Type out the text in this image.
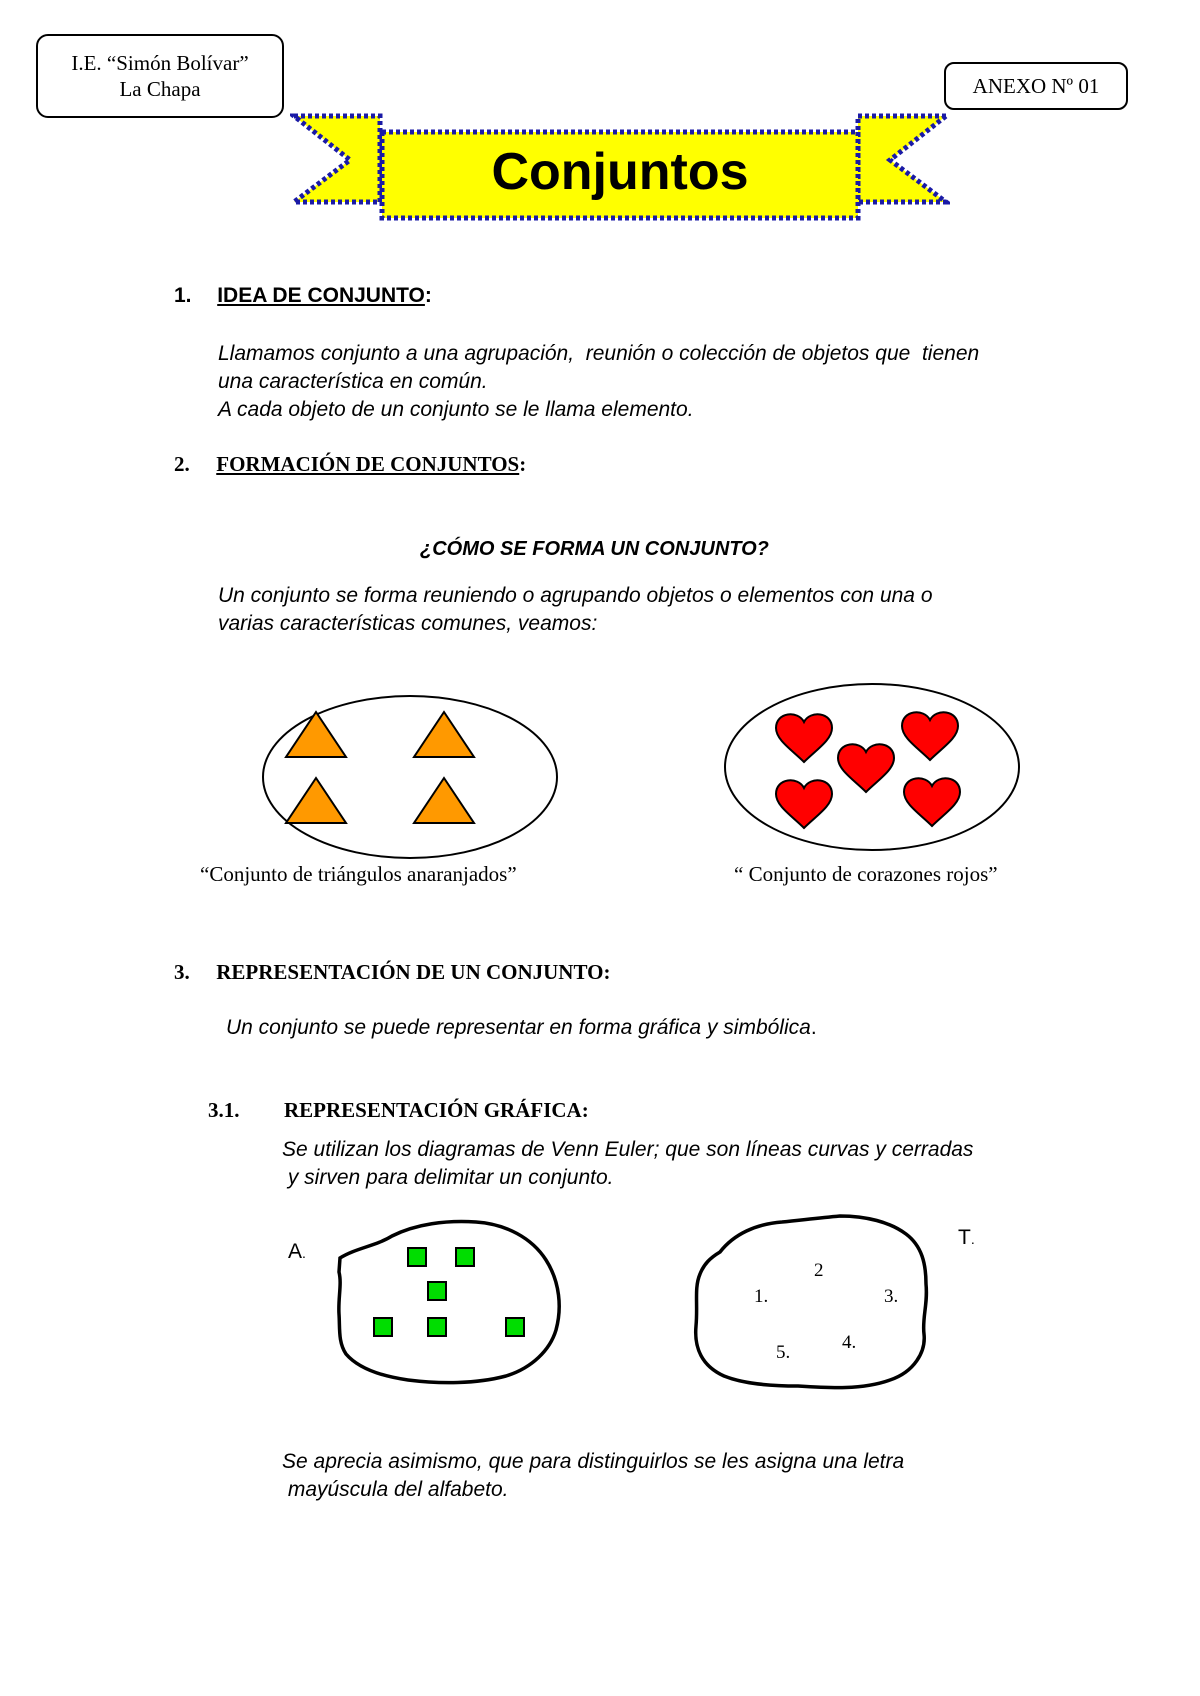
I.E. “Simón Bolívar”
La Chapa	ANEXO Nº 01
Conjuntos
1. IDEA DE CONJUNTO:
Llamamos conjunto a una agrupación,  reunión o colección de objetos que  tienen
una característica en común.
A cada objeto de un conjunto se le llama elemento.
2. FORMACIÓN DE CONJUNTOS:
¿CÓMO SE FORMA UN CONJUNTO?
Un conjunto se forma reuniendo o agrupando objetos o elementos con una o
varias características comunes, veamos:
“Conjunto de triángulos anaranjados”	“ Conjunto de corazones rojos”
3. REPRESENTACIÓN DE UN CONJUNTO:
Un conjunto se puede representar en forma gráfica y simbólica.
3.1. REPRESENTACIÓN GRÁFICA:
Se utilizan los diagramas de Venn Euler; que son líneas curvas y cerradas
y sirven para delimitar un conjunto.
A.
1.
2
3.
4.
5.
T.
Se aprecia asimismo, que para distinguirlos se les asigna una letra
mayúscula del alfabeto.
